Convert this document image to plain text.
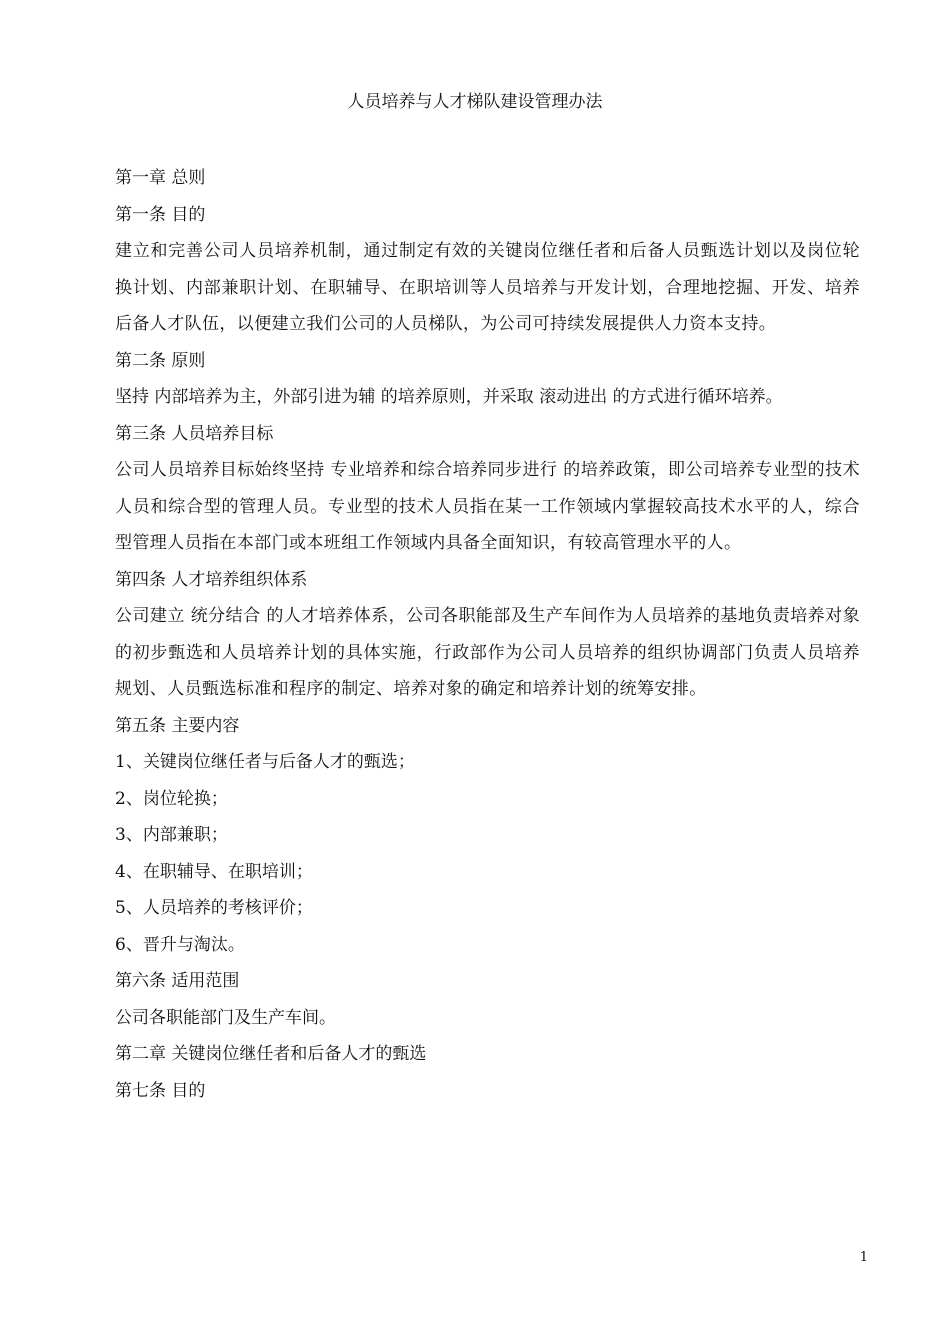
人员培养与人才梯队建设管理办法

第一章 总则

第一条 目的

建立和完善公司人员培养机制，通过制定有效的关键岗位继任者和后备人员甄选计划以及岗位轮换计划、内部兼职计划、在职辅导、在职培训等人员培养与开发计划，合理地挖掘、开发、培养后备人才队伍，以便建立我们公司的人员梯队，为公司可持续发展提供人力资本支持。

第二条 原则

坚持 内部培养为主，外部引进为辅 的培养原则，并采取 滚动进出 的方式进行循环培养。

第三条 人员培养目标

公司人员培养目标始终坚持 专业培养和综合培养同步进行 的培养政策，即公司培养专业型的技术人员和综合型的管理人员。专业型的技术人员指在某一工作领域内掌握较高技术水平的人，综合型管理人员指在本部门或本班组工作领域内具备全面知识，有较高管理水平的人。

第四条 人才培养组织体系

公司建立 统分结合 的人才培养体系，公司各职能部及生产车间作为人员培养的基地负责培养对象的初步甄选和人员培养计划的具体实施，行政部作为公司人员培养的组织协调部门负责人员培养规划、人员甄选标准和程序的制定、培养对象的确定和培养计划的统筹安排。

第五条 主要内容

1、关键岗位继任者与后备人才的甄选；

2、岗位轮换；

3、内部兼职；

4、在职辅导、在职培训；

5、人员培养的考核评价；

6、晋升与淘汰。

第六条 适用范围

公司各职能部门及生产车间。

第二章 关键岗位继任者和后备人才的甄选

第七条 目的

1
